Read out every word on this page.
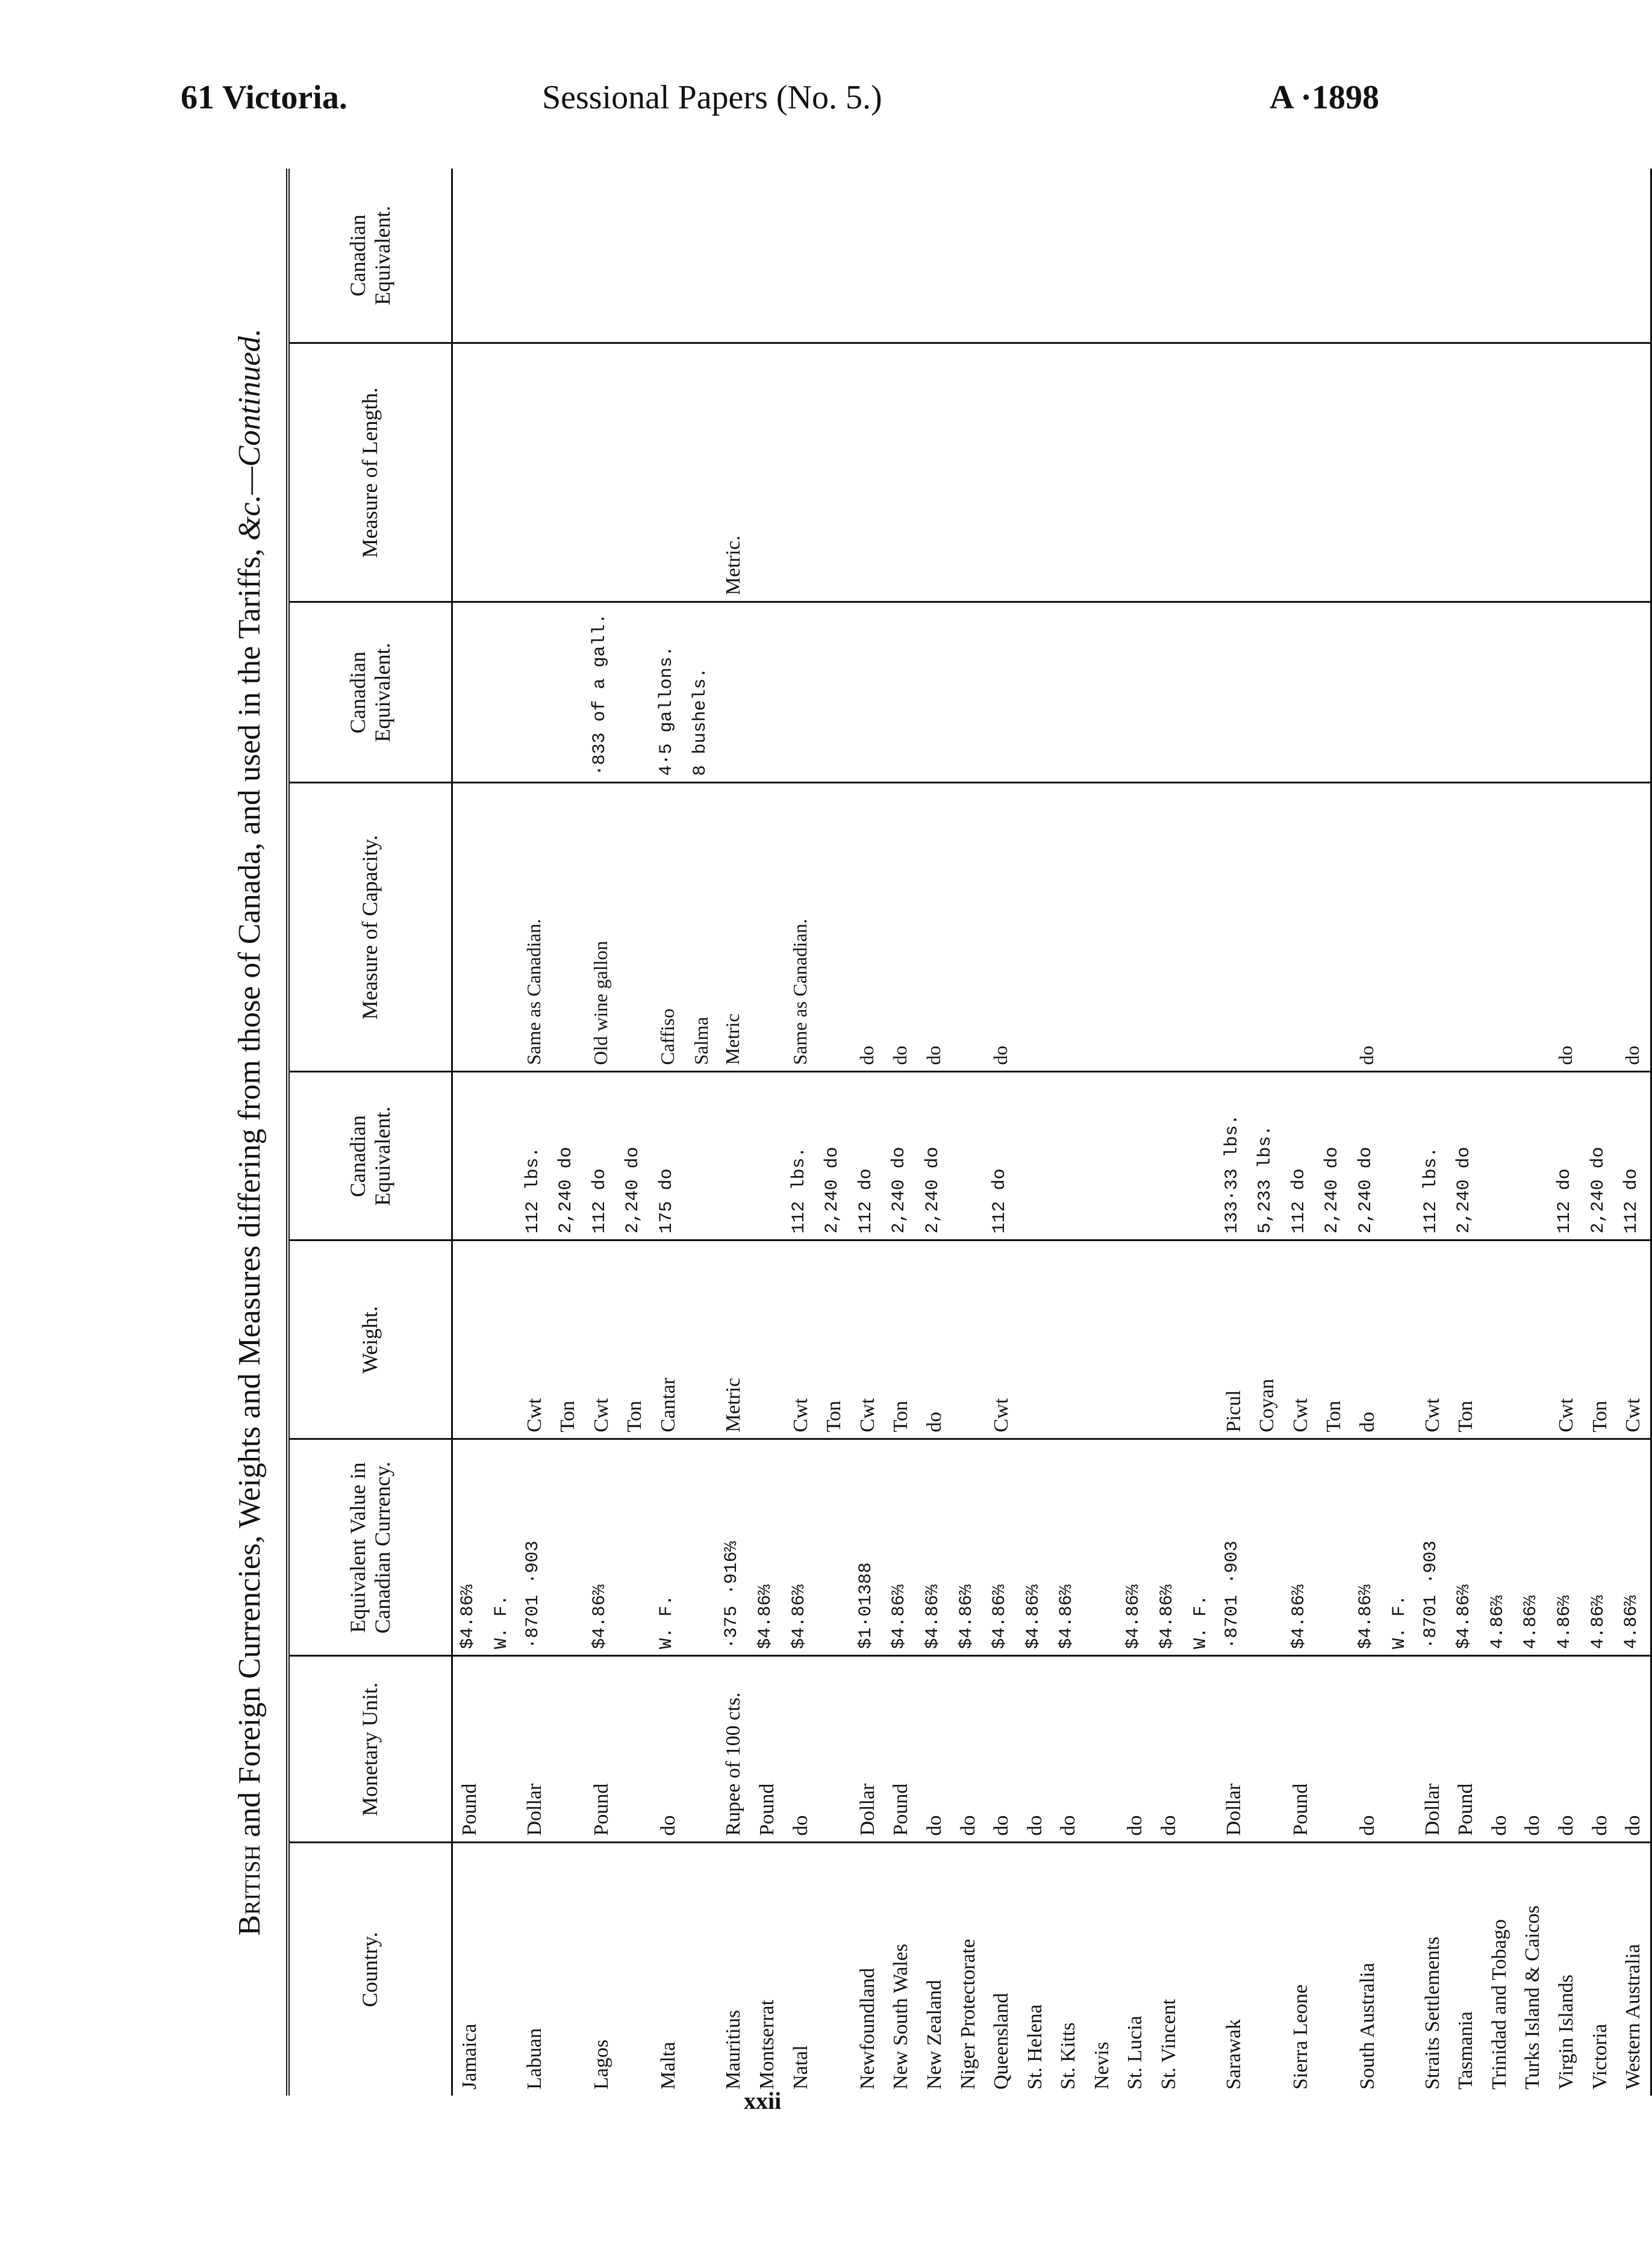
61 Victoria.	Sessional Papers (No. 5.)	A ·1898
British and Foreign Currencies, Weights and Measures differing from those of Canada, and used in the Tariffs, &c.—Continued.
Country.	Monetary Unit.	Equivalent Value in Canadian Currency.	Weight.	Canadian Equivalent.	Measure of Capacity.	Canadian Equivalent.	Measure of Length.	Canadian Equivalent.
Jamaica	Pound	$4.86⅔						
		W. F.						
Labuan	Dollar	·8701 ·903	Cwt	112 lbs.	Same as Canadian.			
			Ton	2,240 do				
Lagos	Pound	$4.86⅔	Cwt	112 do	Old wine gallon	·833 of a gall.		
			Ton	2,240 do				
Malta	do	W. F.	Cantar	175 do	Caffiso	4·5 gallons.		
					Salma	8 bushels.		
Mauritius	Rupee of 100 cts.	·375 ·916⅔	Metric		Metric		Metric.	
Montserrat	Pound	$4.86⅔						
Natal	do	$4.86⅔	Cwt	112 lbs.	Same as Canadian.			
			Ton	2,240 do				
Newfoundland	Dollar	$1·01388	Cwt	112 do	do			
New South Wales	Pound	$4.86⅔	Ton	2,240 do	do			
New Zealand	do	$4.86⅔	do	2,240 do	do			
Niger Protectorate	do	$4.86⅔						
Queensland	do	$4.86⅔	Cwt	112 do	do			
St. Helena	do	$4.86⅔						
St. Kitts	do	$4.86⅔						
Nevis								
St. Lucia	do	$4.86⅔						
St. Vincent	do	$4.86⅔						
		W. F.						
Sarawak	Dollar	·8701 ·903	Picul	133·33 lbs.				
			Coyan	5,233 lbs.				
Sierra Leone	Pound	$4.86⅔	Cwt	112 do				
			Ton	2,240 do				
South Australia	do	$4.86⅔	do	2,240 do	do			
		W. F.						
Straits Settlements	Dollar	·8701 ·903	Cwt	112 lbs.				
Tasmania	Pound	$4.86⅔	Ton	2,240 do				
Trinidad and Tobago	do	4.86⅔						
Turks Island & Caicos	do	4.86⅔						
Virgin Islands	do	4.86⅔	Cwt	112 do	do			
Victoria	do	4.86⅔	Ton	2,240 do				
Western Australia	do	4.86⅔	Cwt	112 do	do			
xxii
